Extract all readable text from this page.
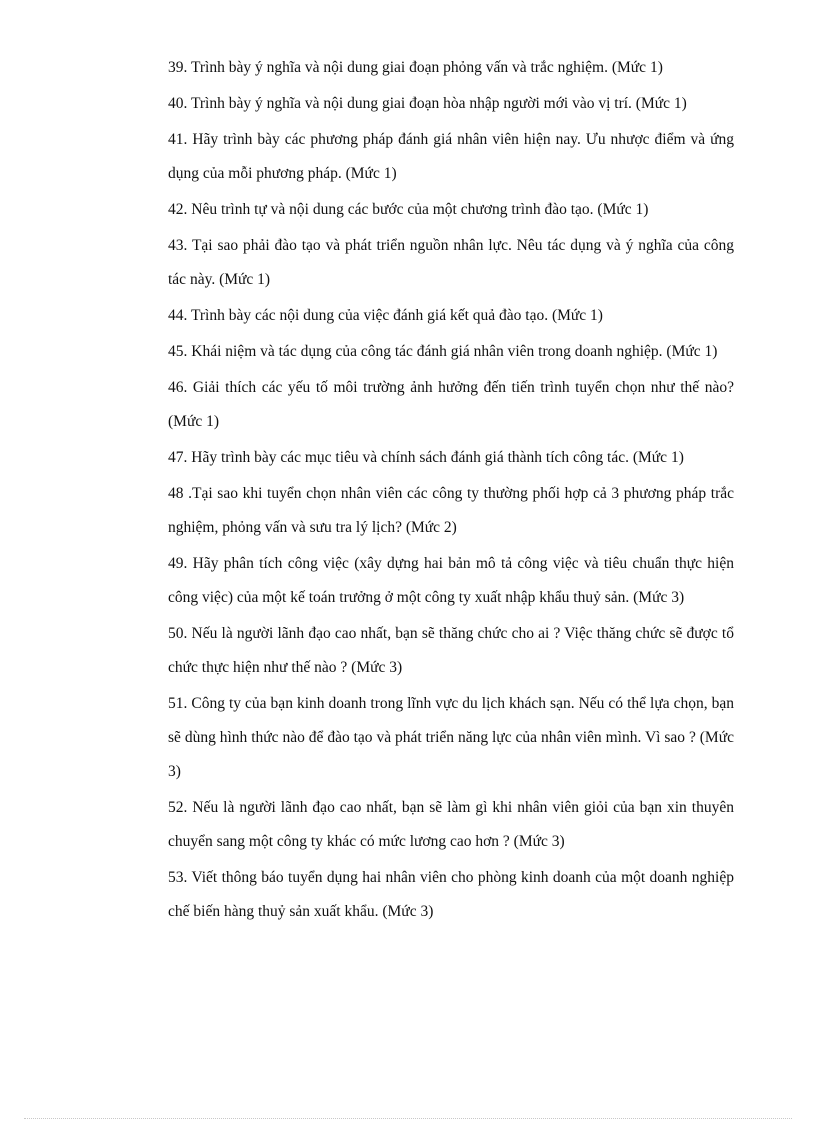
39. Trình bày ý nghĩa và nội dung giai đoạn phỏng vấn và trắc nghiệm. (Mức 1)

40. Trình bày ý nghĩa và nội dung giai đoạn hòa nhập người mới vào vị trí. (Mức 1)

41. Hãy trình bày các phương pháp đánh giá nhân viên hiện nay. Ưu nhược điểm và ứng dụng của mỗi phương pháp. (Mức 1)

42. Nêu trình tự và nội dung các bước của một chương trình đào tạo. (Mức 1)

43. Tại sao phải đào tạo và phát triển nguồn nhân lực. Nêu tác dụng và ý nghĩa của công tác này. (Mức 1)

44. Trình bày các nội dung của việc đánh giá kết quả đào tạo. (Mức 1)

45. Khái niệm và tác dụng của công tác đánh giá nhân viên trong doanh nghiệp. (Mức 1)

46. Giải thích các yếu tố môi trường ảnh hưởng đến tiến trình tuyển chọn như thế nào? (Mức 1)

47. Hãy trình bày các mục tiêu và chính sách đánh giá thành tích công tác. (Mức 1)

48 .Tại sao khi tuyển chọn nhân viên các công ty thường phối hợp cả 3 phương pháp trắc nghiệm, phỏng vấn và sưu tra lý lịch? (Mức 2)

49. Hãy phân tích công việc (xây dựng hai bản mô tả công việc và tiêu chuẩn thực hiện công việc) của một kế toán trưởng ở một công ty xuất nhập khẩu thuỷ sản. (Mức 3)

50. Nếu là người lãnh đạo cao nhất, bạn sẽ thăng chức cho ai ? Việc thăng chức sẽ được tổ chức thực hiện như thế nào ? (Mức 3)

51. Công ty của bạn kinh doanh trong lĩnh vực du lịch khách sạn. Nếu có thể lựa chọn, bạn sẽ dùng hình thức nào để đào tạo và phát triển năng lực của nhân viên mình. Vì sao ? (Mức 3)

52. Nếu là người lãnh đạo cao nhất, bạn sẽ làm gì khi nhân viên giỏi của bạn xin thuyên chuyển sang một công ty khác có mức lương cao hơn ? (Mức 3)

53. Viết thông báo tuyển dụng hai nhân viên cho phòng kinh doanh của một doanh nghiệp chế biến hàng thuỷ sản xuất khẩu. (Mức 3)
